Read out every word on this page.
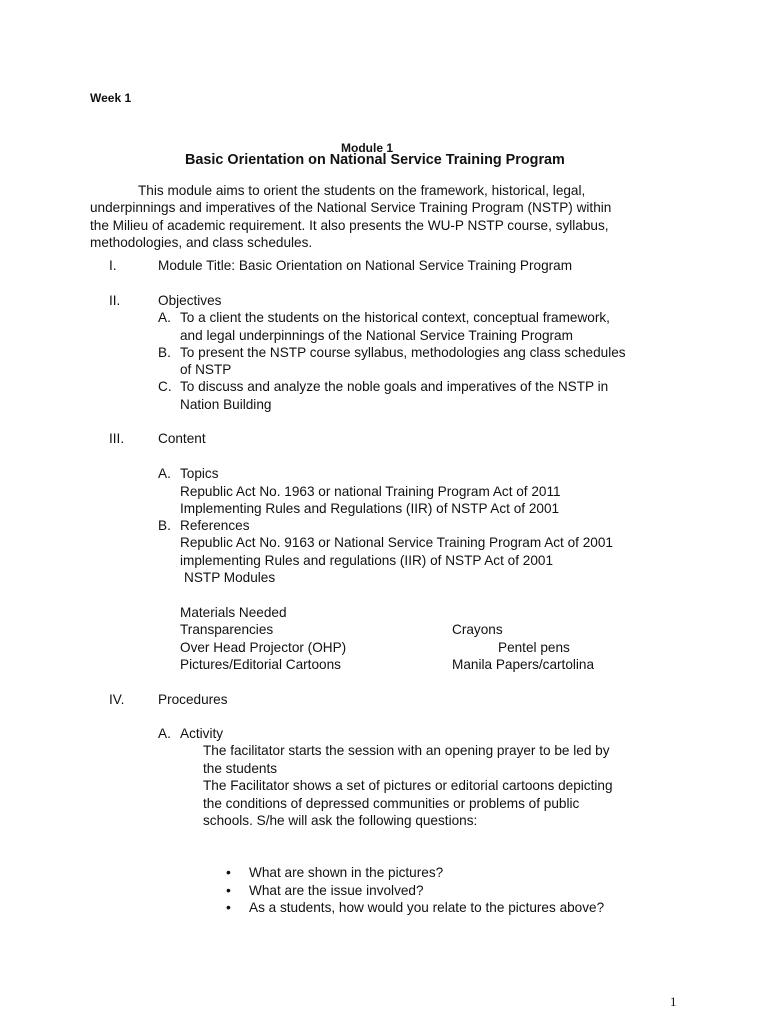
Week 1
Module 1
Basic Orientation on National Service Training Program

This module aims to orient the students on the framework, historical, legal,

underpinnings and imperatives of the National Service Training Program (NSTP) within

the Milieu of academic requirement. It also presents the WU-P NSTP course, syllabus,

methodologies, and class schedules.

I.	Module Title: Basic Orientation on National Service Training Program
II.	Objectives
A. To a client the students on the historical context, conceptual framework,
and legal underpinnings of the National Service Training Program
B. To present the NSTP course syllabus, methodologies ang class schedules
of NSTP
C. To discuss and analyze the noble goals and imperatives of the NSTP in
Nation Building
III. Content
A. Topics
Republic Act No. 1963 or national Training Program Act of 2011
Implementing Rules and Regulations (IIR) of NSTP Act of 2001
B. References
Republic Act No. 9163 or National Service Training Program Act of 2001
implementing Rules and regulations (IIR) of NSTP Act of 2001
NSTP Modules
Materials Needed
Transparencies	Crayons
Over Head Projector (OHP)	Pentel pens
Pictures/Editorial Cartoons	Manila Papers/cartolina
IV. Procedures
A. Activity
The facilitator starts the session with an opening prayer to be led by
the students
The Facilitator shows a set of pictures or editorial cartoons depicting
the conditions of depressed communities or problems of public
schools. S/he will ask the following questions:
• What are shown in the pictures?
• What are the issue involved?
• As a students, how would you relate to the pictures above?
1
